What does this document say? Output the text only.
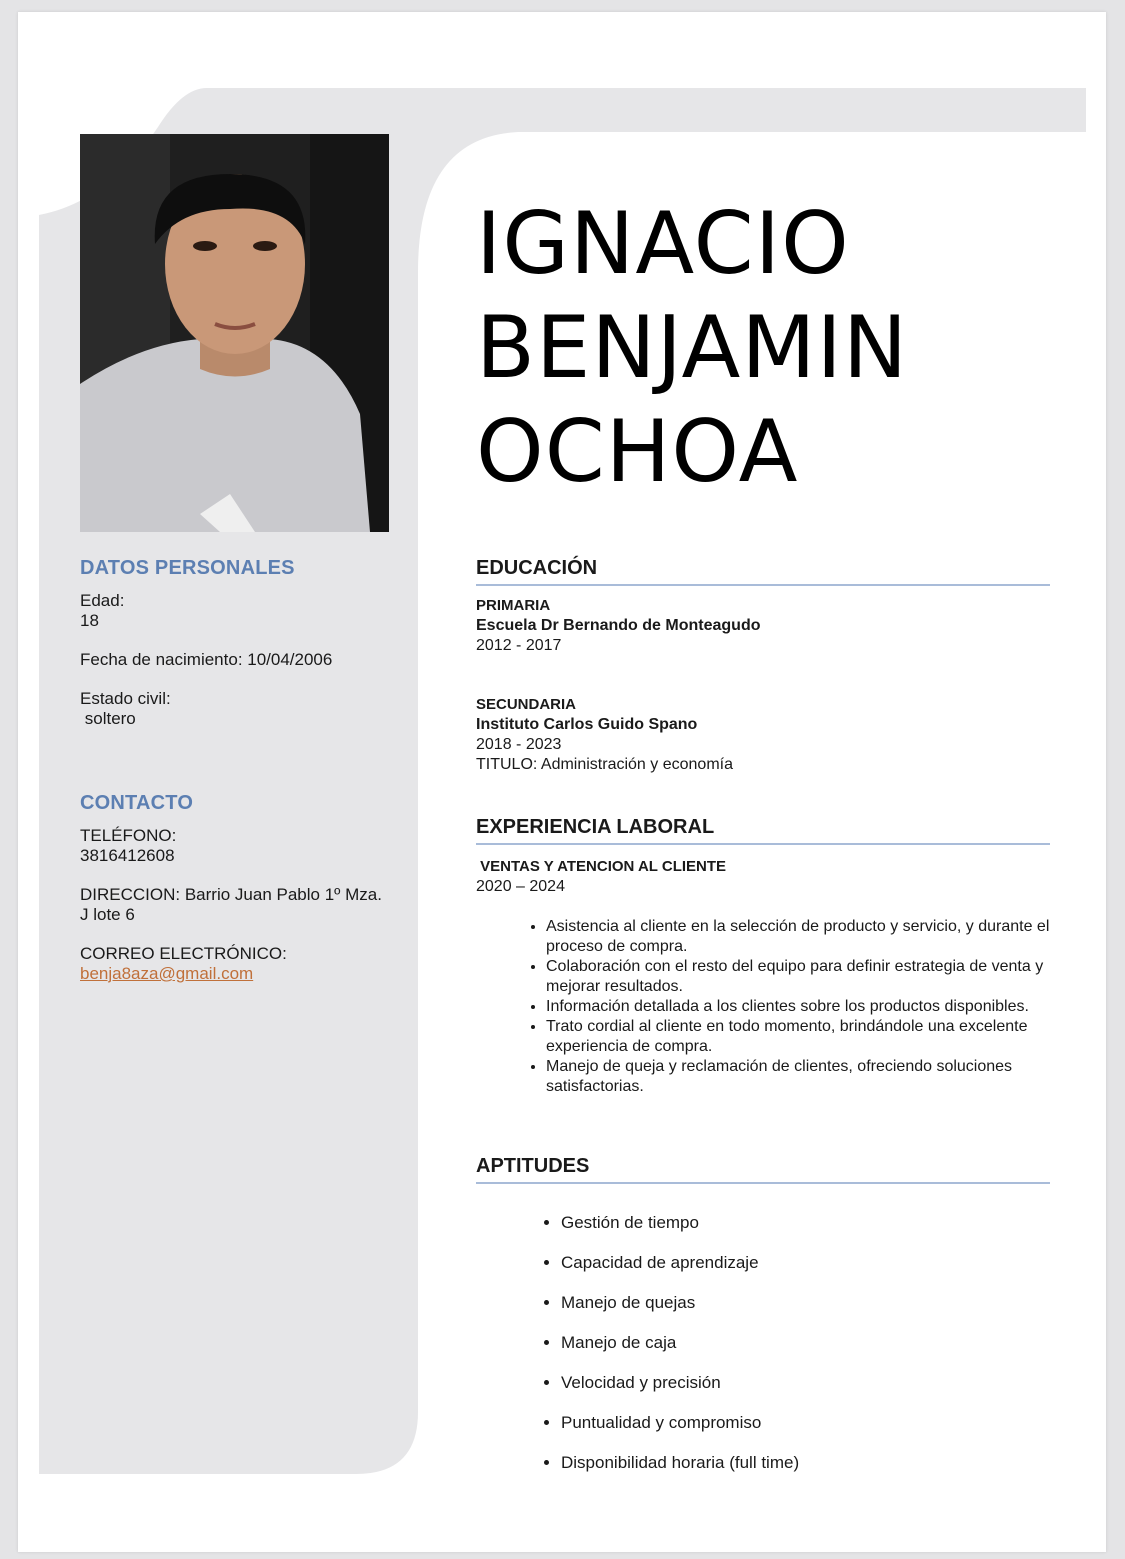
DATOS PERSONALES

Edad:

18

Fecha de nacimiento: 10/04/2006

Estado civil:

soltero

CONTACTO

TELÉFONO:

3816412608

DIRECCION: Barrio Juan Pablo 1º Mza.

J lote 6

CORREO ELECTRÓNICO:

benja8aza@gmail.com
IGNACIO
BENJAMIN
OCHOA
EDUCACIÓN

PRIMARIA

Escuela Dr Bernando de Monteagudo

2012 - 2017

SECUNDARIA

Instituto Carlos Guido Spano

2018 - 2023

TITULO: Administración y economía

EXPERIENCIA LABORAL

VENTAS Y ATENCION AL CLIENTE

2020 – 2024

• Asistencia al cliente en la selección de producto y servicio, y durante el proceso de compra.
• Colaboración con el resto del equipo para definir estrategia de venta y mejorar resultados.
• Información detallada a los clientes sobre los productos disponibles.
• Trato cordial al cliente en todo momento, brindándole una excelente experiencia de compra.
• Manejo de queja y reclamación de clientes, ofreciendo soluciones satisfactorias.
APTITUDES
• Gestión de tiempo
• Capacidad de aprendizaje
• Manejo de quejas
• Manejo de caja
• Velocidad y precisión
• Puntualidad y compromiso
• Disponibilidad horaria (full time)
